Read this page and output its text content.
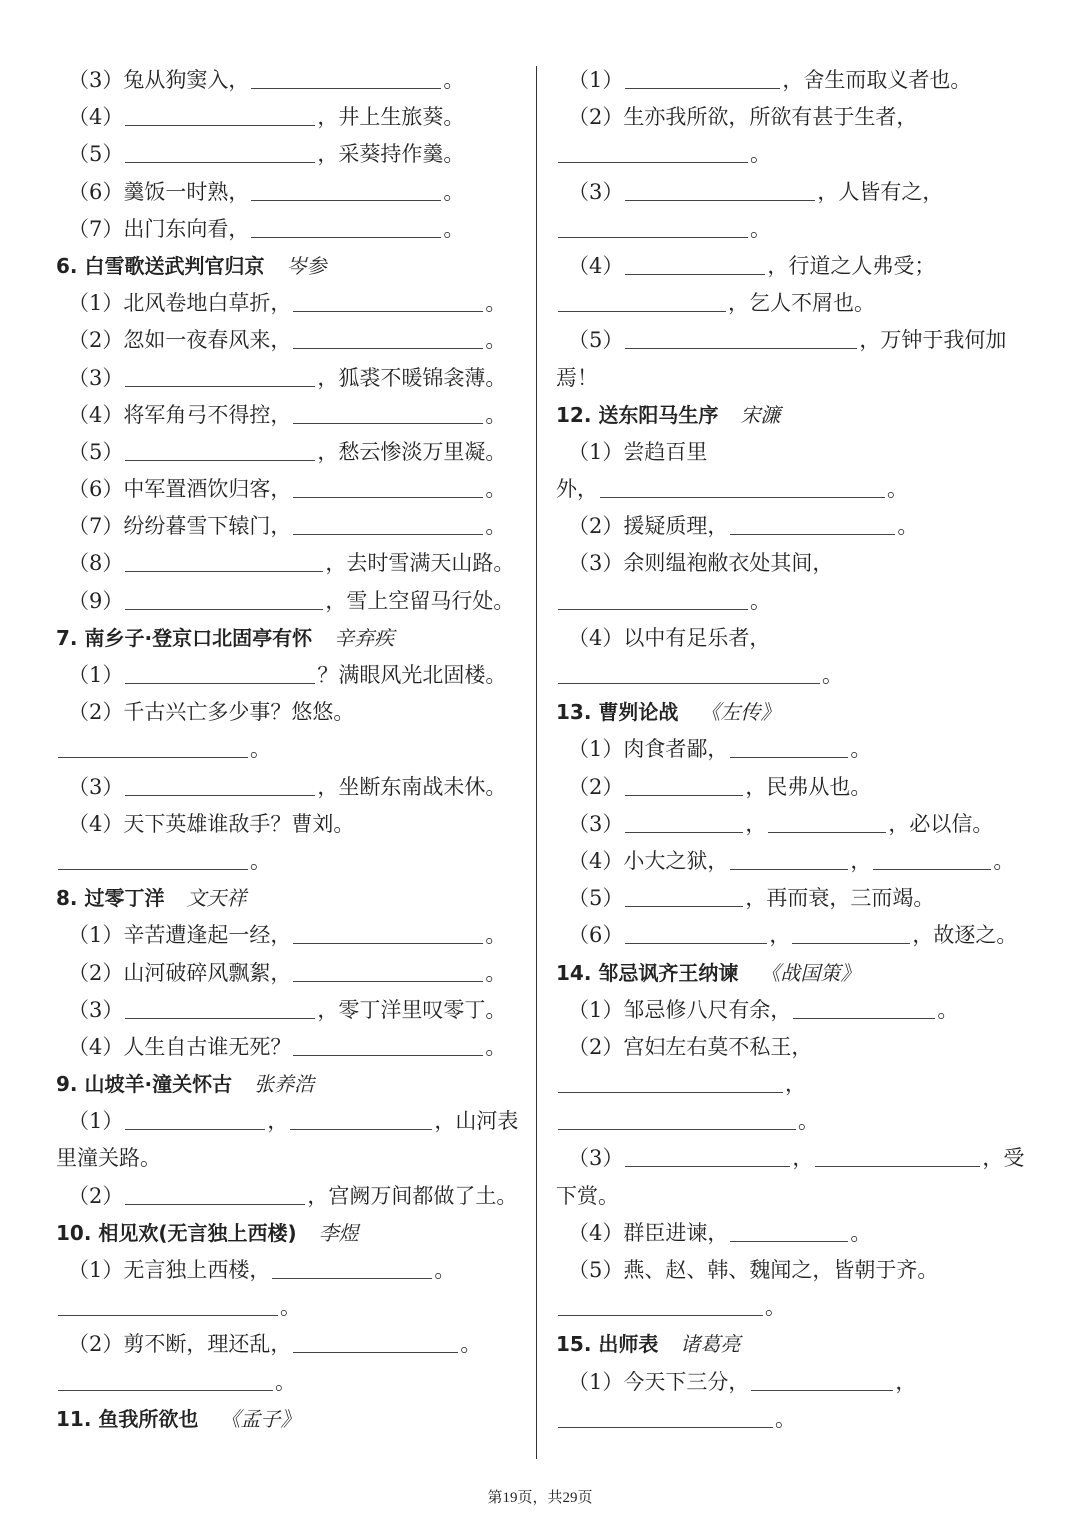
（3）兔从狗窦入，	。
（4）	，井上生旅葵。
（5）	，采葵持作羹。
（6）羹饭一时熟，	。
（7）出门东向看，	。
6. 白雪歌送武判官归京 岑参
（1）北风卷地白草折，	。
（2）忽如一夜春风来，	。
（3）	，狐裘不暖锦衾薄。
（4）将军角弓不得控，	。
（5）	，愁云惨淡万里凝。
（6）中军置酒饮归客，	。
（7）纷纷暮雪下辕门，	。
（8）	，去时雪满天山路。
（9）	，雪上空留马行处。
7. 南乡子·登京口北固亭有怀 辛弃疾
（1）	？满眼风光北固楼。
（2）千古兴亡多少事？悠悠。
。
（3）	，坐断东南战未休。
（4）天下英雄谁敌手？曹刘。
。
8. 过零丁洋 文天祥
（1）辛苦遭逢起一经，	。
（2）山河破碎风飘絮，	。
（3）	，零丁洋里叹零丁。
（4）人生自古谁无死？	。
9. 山坡羊·潼关怀古 张养浩
（1）	，	，山河表
里潼关路。
（2）	，宫阙万间都做了土。
10. 相见欢(无言独上西楼) 李煜
（1）无言独上西楼，	。
。
（2）剪不断，理还乱，	。
。
11. 鱼我所欲也 《孟子》
（1）	，舍生而取义者也。
（2）生亦我所欲，所欲有甚于生者，
。
（3）	，人皆有之，
。
（4）	，行道之人弗受；
，乞人不屑也。
（5）	，万钟于我何加
焉！
12. 送东阳马生序 宋濂
（1）尝趋百里
外，	。
（2）援疑质理，	。
（3）余则缊袍敝衣处其间，
。
（4）以中有足乐者，
。
13. 曹刿论战 《左传》
（1）肉食者鄙，	。
（2）	，民弗从也。
（3）	，	，必以信。
（4）小大之狱，	，	。
（5）	，再而衰，三而竭。
（6）	，	，故逐之。
14. 邹忌讽齐王纳谏 《战国策》
（1）邹忌修八尺有余，	。
（2）宫妇左右莫不私王，
，
。
（3）	，	，受
下赏。
（4）群臣进谏，	。
（5）燕、赵、韩、魏闻之，皆朝于齐。
。
15. 出师表 诸葛亮
（1）今天下三分，	，
。
第19页，共29页
